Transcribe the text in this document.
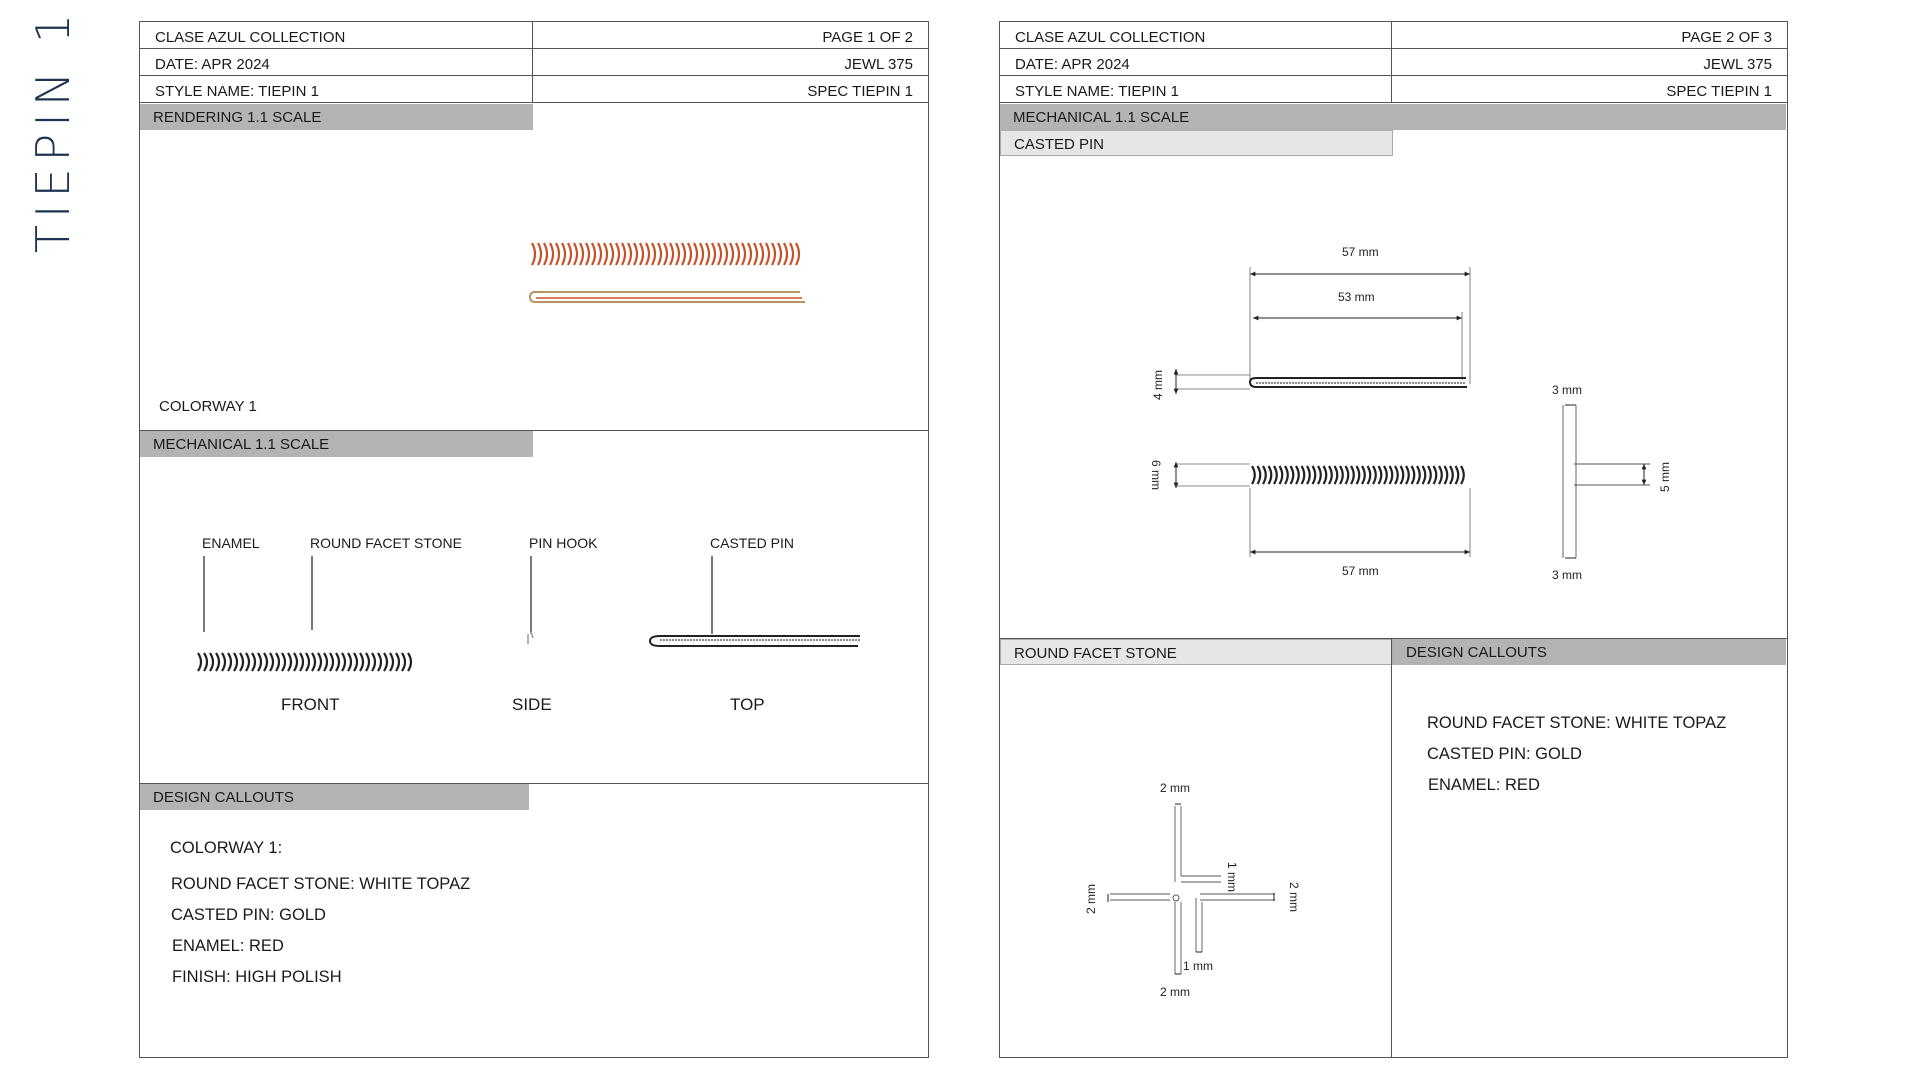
TIEPIN 1	CLASE AZUL COLLECTION	PAGE 1 OF 2
DATE: APR 2024	JEWL 375
STYLE NAME: TIEPIN 1	SPEC TIEPIN 1
RENDERING 1.1 SCALE
COLORWAY 1
MECHANICAL 1.1 SCALE
ENAMEL	ROUND FACET STONE	PIN HOOK	CASTED PIN
FRONT	SIDE	TOP
DESIGN CALLOUTS
COLORWAY 1:
ROUND FACET STONE: WHITE TOPAZ
CASTED PIN: GOLD
ENAMEL: RED
FINISH: HIGH POLISH
CLASE AZUL COLLECTION	PAGE 2 OF 3
DATE: APR 2024	JEWL 375
STYLE NAME: TIEPIN 1	SPEC TIEPIN 1
MECHANICAL 1.1 SCALE
CASTED PIN
57 mm
53 mm
4 mm
6 mm
57 mm
3 mm
5 mm
3 mm
ROUND FACET STONE	DESIGN CALLOUTS
2 mm
1 mm
2 mm
2 mm
2 mm
1 mm
ROUND FACET STONE: WHITE TOPAZ
CASTED PIN: GOLD
ENAMEL: RED
